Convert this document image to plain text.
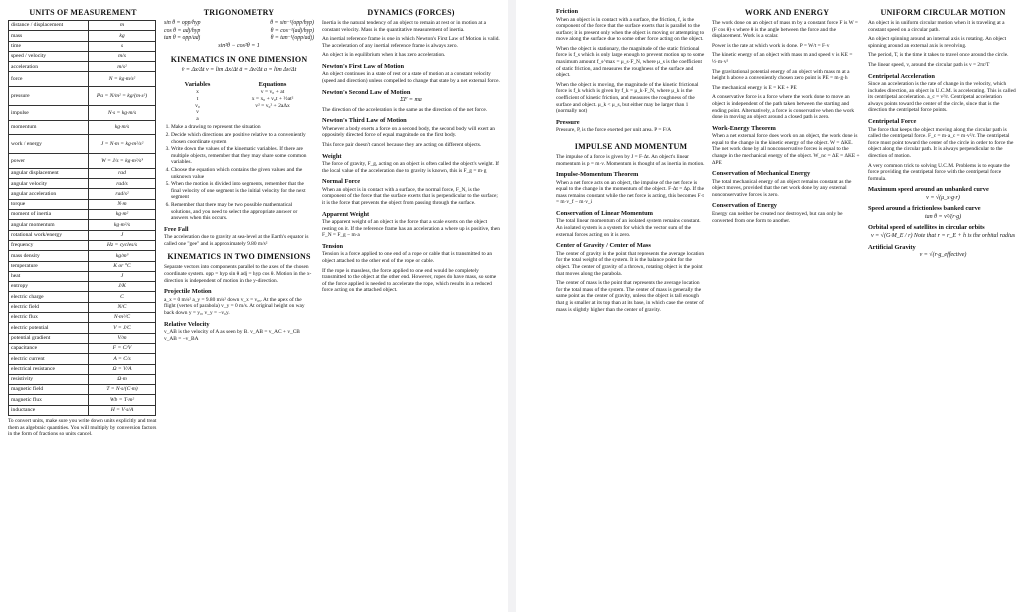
UNITS OF MEASUREMENT
distance / displacement	m
mass	kg
time	s
speed / velocity	m/s
acceleration	m/s²
force	N = kg·m/s²
pressure	Pa = N/m² = kg/(m·s²)
impulse	N·s = kg·m/s
momentum	kg·m/s
work / energy	J = N·m = kg·m²/s²
power	W = J/s = kg·m²/s³
angular displacement	rad
angular velocity	rad/s
angular acceleration	rad/s²
torque	N·m
moment of inertia	kg·m²
angular momentum	kg·m²/s
rotational work/energy	J
frequency	Hz = cycles/s
mass density	kg/m³
temperature	K or °C
heat	J
entropy	J/K
electric charge	C
electric field	N/C
electric flux	N·m²/C
electric potential	V = J/C
potential gradient	V/m
capacitance	F = C/V
electric current	A = C/s
electrical resistance	Ω = V/A
resistivity	Ω·m
magnetic field	T = N·s/(C·m)
magnetic flux	Wb = T·m²
inductance	H = V·s/A

To convert units, make sure you write down units explicitly and treat them as algebraic quantities. You will multiply by conversion factors in the form of fractions so units cancel.

TRIGONOMETRY
sin θ = opp/hyp	θ = sin⁻¹(opp/hyp)
cos θ = adj/hyp	θ = cos⁻¹(adj/hyp)
tan θ = opp/adj	θ = tan⁻¹(opp/adj)
sin²θ − cos²θ = 1
KINEMATICS IN ONE DIMENSION
v̄ = Δx/Δt v = lim Δx/Δt ā = Δv/Δt a = lim Δv/Δt
Variables
x
t
v₀
v
a
Equations
v = v₀ + at
x = x₀ + v₀t + ½at²
v² = v₀² + 2aΔx
1. Make a drawing to represent the situation
2. Decide which directions are positive relative to a conveniently chosen coordinate system
3. Write down the values of the kinematic variables. If there are multiple objects, remember that they may share some common variables.
4. Choose the equation which contains the given values and the unknown value
5. When the motion is divided into segments, remember that the final velocity of one segment is the initial velocity for the next segment
6. Remember that there may be two possible mathematical solutions, and you need to select the appropriate answer or answers when this occurs.
Free Fall

The acceleration due to gravity at sea-level at the Earth's equator is called one "gee" and is approximately 9.80 m/s²

KINEMATICS IN TWO DIMENSIONS

Separate vectors into components parallel to the axes of the chosen coordinate system. opp = hyp sin θ adj = hyp cos θ. Motion in the x-direction is independent of motion in the y-direction.

Projectile Motion

a_x = 0 m/s² a_y = 9.80 m/s² down v_x = v₀ₓ. At the apex of the flight (vertex of parabola) v_y = 0 m/s. At original height on way back down y = y₀, v_y = −v₀y.

Relative Velocity

v_AB is the velocity of A as seen by B. v_AB = v_AC + v_CB v_AB = −v_BA

DYNAMICS (FORCES)

Inertia is the natural tendency of an object to remain at rest or in motion at a constant velocity. Mass is the quantitative measurement of inertia.

An inertial reference frame is one in which Newton's First Law of Motion is valid. The acceleration of any inertial reference frame is always zero.

An object is in equilibrium when it has zero acceleration.

Newton's First Law of Motion

An object continues in a state of rest or a state of motion at a constant velocity (speed and direction) unless compelled to change that state by a net external force.

Newton's Second Law of Motion
ΣF = ma

The direction of the acceleration is the same as the direction of the net force.

Newton's Third Law of Motion

Whenever a body exerts a force on a second body, the second body will exert an oppositely directed force of equal magnitude on the first body.

This force pair doesn't cancel because they are acting on different objects.

Weight

The force of gravity, F_g, acting on an object is often called the object's weight. If the local value of the acceleration due to gravity is known, this is F_g = m·g

Normal Force

When an object is in contact with a surface, the normal force, F_N, is the component of the force that the surface exerts that is perpendicular to the surface; it is the force that prevents the object from passing through the surface.

Apparent Weight

The apparent weight of an object is the force that a scale exerts on the object resting on it. If the reference frame has an acceleration a where up is positive, then F_N = F_g − m·a

Tension

Tension is a force applied to one end of a rope or cable that is transmitted to an object attached to the other end of the rope or cable.

If the rope is massless, the force applied to one end would be completely transmitted to the object at the other end. However, ropes do have mass, so some of the force applied is needed to accelerate the rope, which results in a reduced force acting on the attached object.

Friction

When an object is in contact with a surface, the friction, f, is the component of the force that the surface exerts that is parallel to the surface; it is present only when the object is moving or attempting to move along the surface due to some other force acting on the object.

When the object is stationary, the magnitude of the static frictional force is f_s which is only large enough to prevent motion up to some maximum amount f_s^max = μ_s·F_N, where μ_s is the coefficient of static friction, and measures the roughness of the surface and object.

When the object is moving, the magnitude of the kinetic frictional force is f_k which is given by f_k = μ_k·F_N, where μ_k is the coefficient of kinetic friction, and measures the roughness of the surface and object. μ_k < μ_s, but either may be larger than 1 (normally not)

Pressure

Pressure, P, is the force exerted per unit area. P = F/A

IMPULSE AND MOMENTUM

The impulse of a force is given by J = F·Δt. An object's linear momentum is p = m·v. Momentum is thought of as inertia in motion.

Impulse-Momentum Theorem

When a net force acts on an object, the impulse of the net force is equal to the change in the momentum of the object. F·Δt = Δp. If the mass remains constant while the net force is acting, this becomes F·t = m·v_f − m·v_i

Conservation of Linear Momentum

The total linear momentum of an isolated system remains constant. An isolated system is a system for which the vector sum of the external forces acting on it is zero.

Center of Gravity / Center of Mass

The center of gravity is the point that represents the average location for the total weight of the system. It is the balance point for the object. The center of gravity of a thrown, rotating object is the point that moves along the parabola.

The center of mass is the point that represents the average location for the total mass of the system. The center of mass is generally the same point as the center of gravity, unless the object is tall enough that g is smaller at its top than at its base, in which case the center of mass is slightly higher than the center of gravity.

WORK AND ENERGY

The work done on an object of mass m by a constant force F is W = (F cos θ)·s where θ is the angle between the force and the displacement. Work is a scalar.

Power is the rate at which work is done. P = W/t = F·v

The kinetic energy of an object with mass m and speed v is KE = ½·m·v²

The gravitational potential energy of an object with mass m at a height h above a conveniently chosen zero point is PE = m·g·h

The mechanical energy is E = KE + PE

A conservative force is a force where the work done to move an object is independent of the path taken between the starting and ending point. Alternatively, a force is conservative when the work done in moving an object around a closed path is zero.

Work-Energy Theorem

When a net external force does work on an object, the work done is equal to the change in the kinetic energy of the object. W = ΔKE. The net work done by all nonconservative forces is equal to the change in the mechanical energy of the object. W_nc = ΔE = ΔKE + ΔPE

Conservation of Mechanical Energy

The total mechanical energy of an object remains constant as the object moves, provided that the net work done by any external nonconservative forces is zero.

Conservation of Energy

Energy can neither be created nor destroyed, but can only be converted from one form to another.

UNIFORM CIRCULAR MOTION

An object is in uniform circular motion when it is traveling at a constant speed on a circular path.

An object spinning around an internal axis is rotating. An object spinning around an external axis is revolving.

The period, T, is the time it takes to travel once around the circle.

The linear speed, v, around the circular path is v = 2πr/T

Centripetal Acceleration

Since an acceleration is the rate of change in the velocity, which includes direction, an object in U.C.M. is accelerating. This is called its centripetal acceleration. a_c = v²/r. Centripetal acceleration always points toward the center of the circle, since that is the direction the centripetal force points.

Centripetal Force

The force that keeps the object moving along the circular path is called the centripetal force. F_c = m·a_c = m·v²/r. The centripetal force must point toward the center of the circle in order to force the object along the circular path. It is always perpendicular to the direction of motion.

A very common trick to solving U.C.M. Problems is to equate the force providing the centripetal force with the centripetal force formula.

Maximum speed around an unbanked curve
v = √(μ_s·g·r)
Speed around a frictionless banked curve
tan θ = v²/(r·g)
Orbital speed of satellites in circular orbits
v = √(G·M_E / r) Note that r = r_E + h is the orbital radius
Artificial Gravity
v = √(r·g_effective)
